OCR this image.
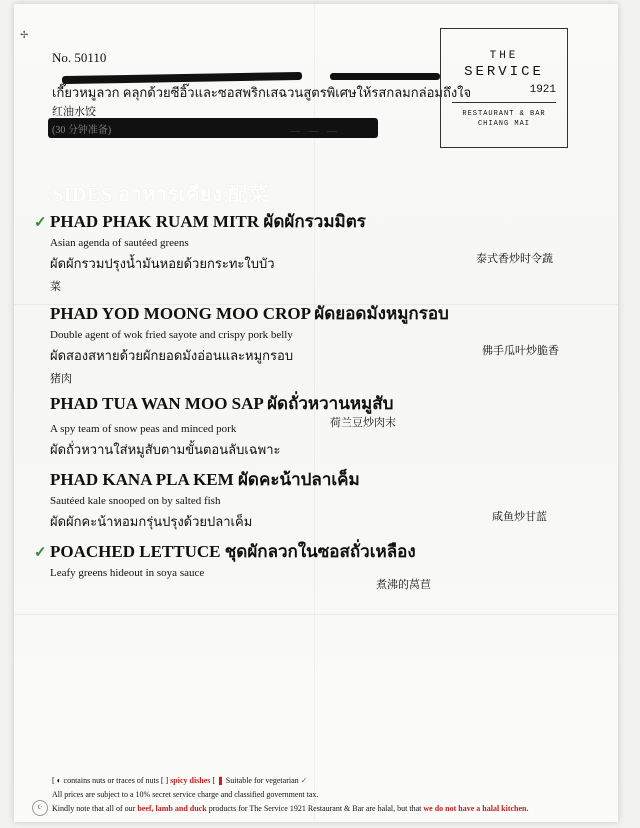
✢
No. 50110
เกี๊ยวหมูลวก คลุกด้วยซีอิ๊วและซอสพริกเสฉวนสูตรพิเศษให้รสกลมกล่อมถึงใจ
红油水饺
(30 分钟准备)	— — —
THE
SERVICE
1921
RESTAURANT & BAR
CHIANG MAI
SIDES อาหารเคียง 配菜
✓ PHAD PHAK RUAM MITR ผัดผักรวมมิตร
Asian agenda of sautéed greens
ผัดผักรวมปรุงน้ำมันหอยด้วยกระทะใบบัว	泰式香炒时令蔬
菜
PHAD YOD MOONG MOO CROP ผัดยอดมังหมูกรอบ
Double agent of wok fried sayote and crispy pork belly
ผัดสองสหายด้วยผักยอดมังอ่อนและหมูกรอบ	佛手瓜叶炒脆香
猪肉
PHAD TUA WAN MOO SAP ผัดถั่วหวานหมูสับ
A spy team of snow peas and minced pork
ผัดถั่วหวานใส่หมูสับตามขั้นตอนลับเฉพาะ
荷兰豆炒肉末
PHAD KANA PLA KEM ผัดคะน้าปลาเค็ม
Sautéed kale snooped on by salted fish
ผัดผักคะน้าหอมกรุ่นปรุงด้วยปลาเค็ม	咸鱼炒甘蓝
✓ POACHED LETTUCE ชุดผักลวกในซอสถั่วเหลือง
Leafy greens hideout in soya sauce
煮沸的莴苣
[ ◐ contains nuts or traces of nuts [ ] spicy dishes [ ❚ Suitable for vegetarian ✓
All prices are subject to a 10% secret service charge and classified government tax.
☪	Kindly note that all of our beef, lamb and duck products for The Service 1921 Restaurant & Bar are halal, but that we do not have a halal kitchen.
